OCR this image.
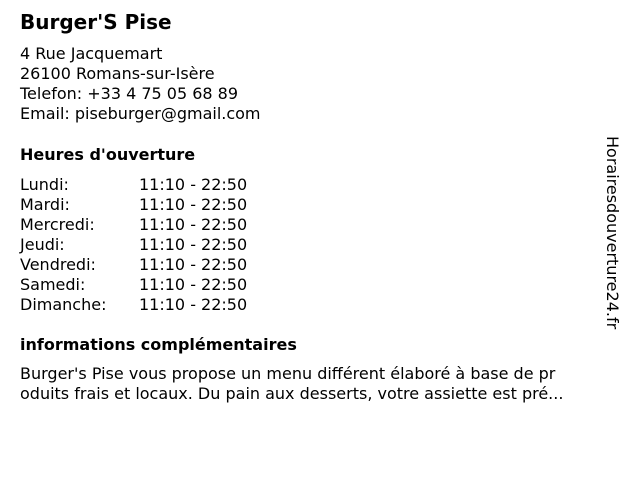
Burger'S Pise
4 Rue Jacquemart
26100 Romans-sur-Isère
Telefon: +33 4 75 05 68 89
Email: piseburger@gmail.com
Heures d'ouverture
Lundi:	11:10 - 22:50
Mardi:	11:10 - 22:50
Mercredi:	11:10 - 22:50
Jeudi:	11:10 - 22:50
Vendredi:	11:10 - 22:50
Samedi:	11:10 - 22:50
Dimanche: 11:10 - 22:50
informations complémentaires
Burger's Pise vous propose un menu différent élaboré à base de pr
oduits frais et locaux. Du pain aux desserts, votre assiette est pré...
Horairesdouverture24.fr
